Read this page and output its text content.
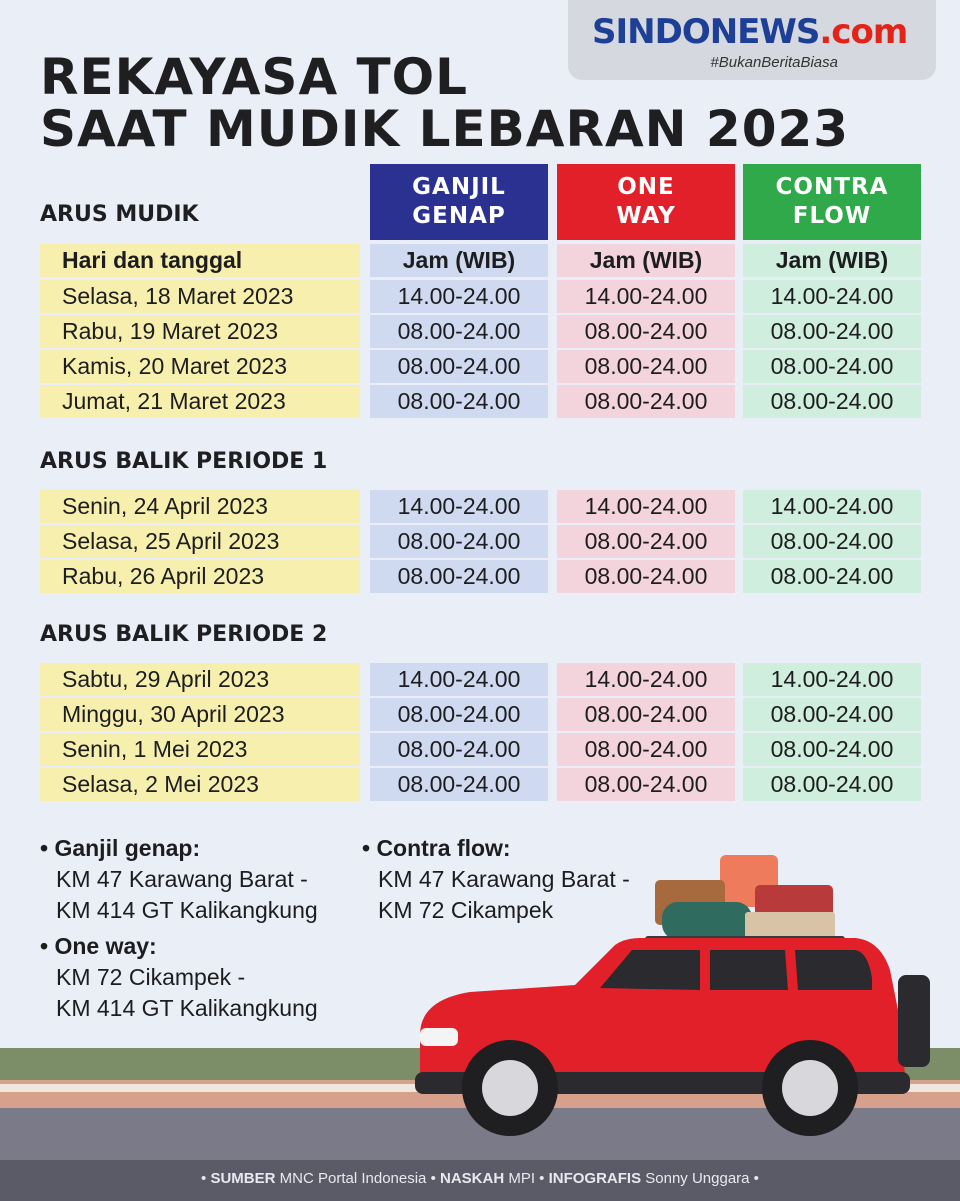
SINDONEWS.com
#BukanBeritaBiasa
REKAYASA TOL
SAAT MUDIK LEBARAN 2023
GANJIL
GENAP
ONE
WAY
CONTRA
FLOW
ARUS MUDIK
Hari dan tanggal	Jam (WIB)	Jam (WIB)	Jam (WIB)
Selasa, 18 Maret 2023	14.00-24.00	14.00-24.00	14.00-24.00
Rabu, 19 Maret 2023	08.00-24.00	08.00-24.00	08.00-24.00
Kamis, 20 Maret 2023	08.00-24.00	08.00-24.00	08.00-24.00
Jumat, 21 Maret 2023	08.00-24.00	08.00-24.00	08.00-24.00
ARUS BALIK PERIODE 1
Senin, 24 April 2023	14.00-24.00	14.00-24.00	14.00-24.00
Selasa, 25 April 2023	08.00-24.00	08.00-24.00	08.00-24.00
Rabu, 26 April 2023	08.00-24.00	08.00-24.00	08.00-24.00
ARUS BALIK PERIODE 2
Sabtu, 29 April 2023	14.00-24.00	14.00-24.00	14.00-24.00
Minggu, 30 April 2023	08.00-24.00	08.00-24.00	08.00-24.00
Senin, 1 Mei 2023	08.00-24.00	08.00-24.00	08.00-24.00
Selasa, 2 Mei 2023	08.00-24.00	08.00-24.00	08.00-24.00
• Ganjil genap:
KM 47 Karawang Barat -
KM 414 GT Kalikangkung
• One way:
KM 72 Cikampek -
KM 414 GT Kalikangkung
• Contra flow:
KM 47 Karawang Barat -
KM 72 Cikampek
• SUMBER MNC Portal Indonesia • NASKAH MPI • INFOGRAFIS Sonny Unggara •
